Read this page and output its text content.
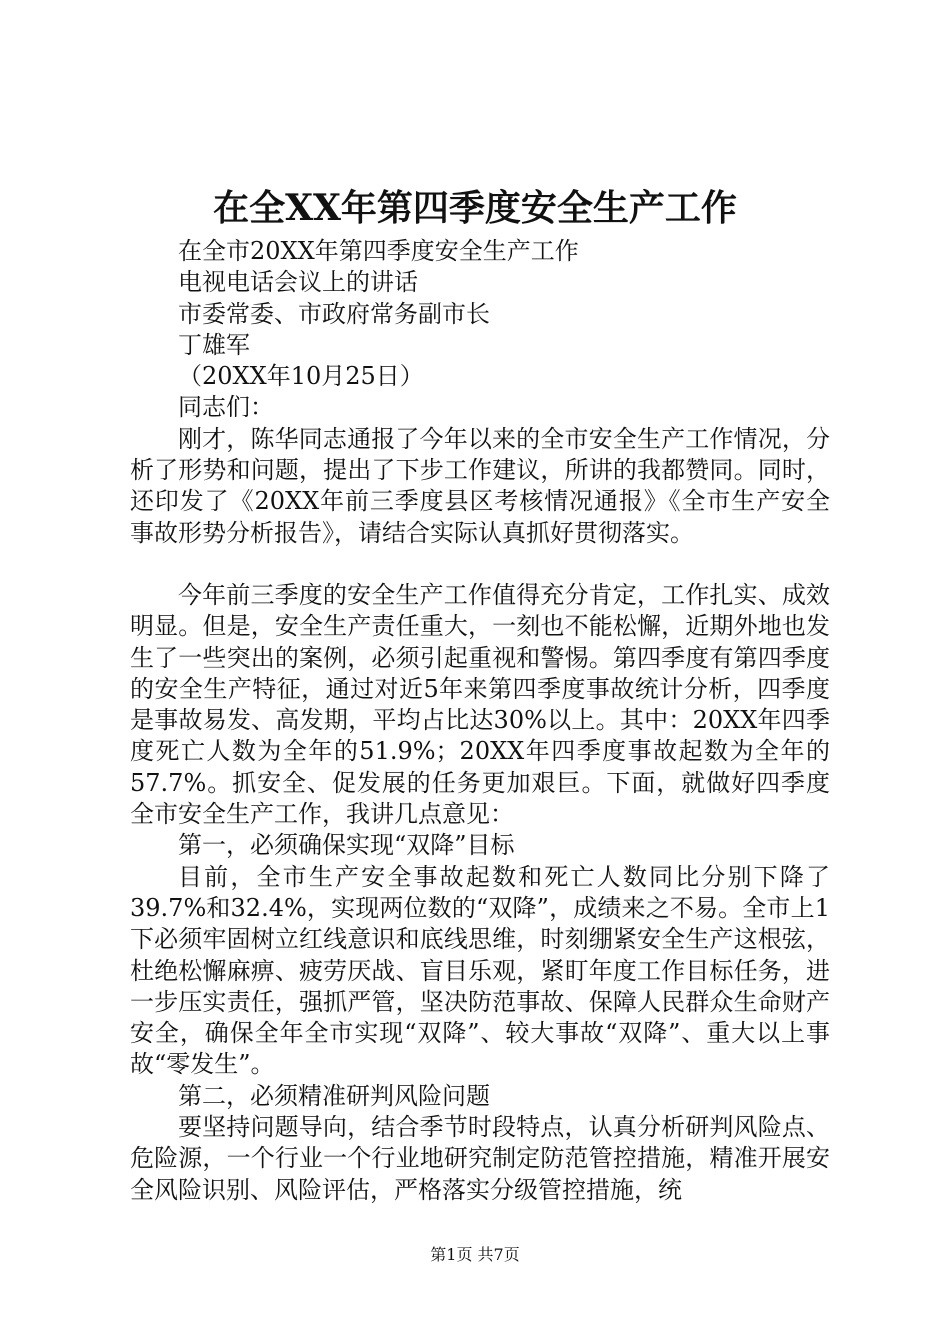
在全XX年第四季度安全生产工作

在全市20XX年第四季度安全生产工作

电视电话会议上的讲话

市委常委、市政府常务副市长

丁雄军

（20XX年10月25日）

同志们：

刚才，陈华同志通报了今年以来的全市安全生产工作情况，分析了形势和问题，提出了下步工作建议，所讲的我都赞同。同时，还印发了《20XX年前三季度县区考核情况通报》《全市生产安全事故形势分析报告》，请结合实际认真抓好贯彻落实。

今年前三季度的安全生产工作值得充分肯定，工作扎实、成效明显。但是，安全生产责任重大，一刻也不能松懈，近期外地也发生了一些突出的案例，必须引起重视和警惕。第四季度有第四季度的安全生产特征，通过对近5年来第四季度事故统计分析，四季度是事故易发、高发期，平均占比达30%以上。其中：20XX年四季度死亡人数为全年的51.9%；20XX年四季度事故起数为全年的57.7%。抓安全、促发展的任务更加艰巨。下面，就做好四季度全市安全生产工作，我讲几点意见：

第一，必须确保实现“双降”目标

目前，全市生产安全事故起数和死亡人数同比分别下降了39.7%和32.4%，实现两位数的“双降”，成绩来之不易。全市上1下必须牢固树立红线意识和底线思维，时刻绷紧安全生产这根弦，杜绝松懈麻痹、疲劳厌战、盲目乐观，紧盯年度工作目标任务，进一步压实责任，强抓严管，坚决防范事故、保障人民群众生命财产安全，确保全年全市实现“双降”、较大事故“双降”、重大以上事故“零发生”。

第二，必须精准研判风险问题

要坚持问题导向，结合季节时段特点，认真分析研判风险点、危险源，一个行业一个行业地研究制定防范管控措施，精准开展安全风险识别、风险评估，严格落实分级管控措施，统

第1页 共7页
